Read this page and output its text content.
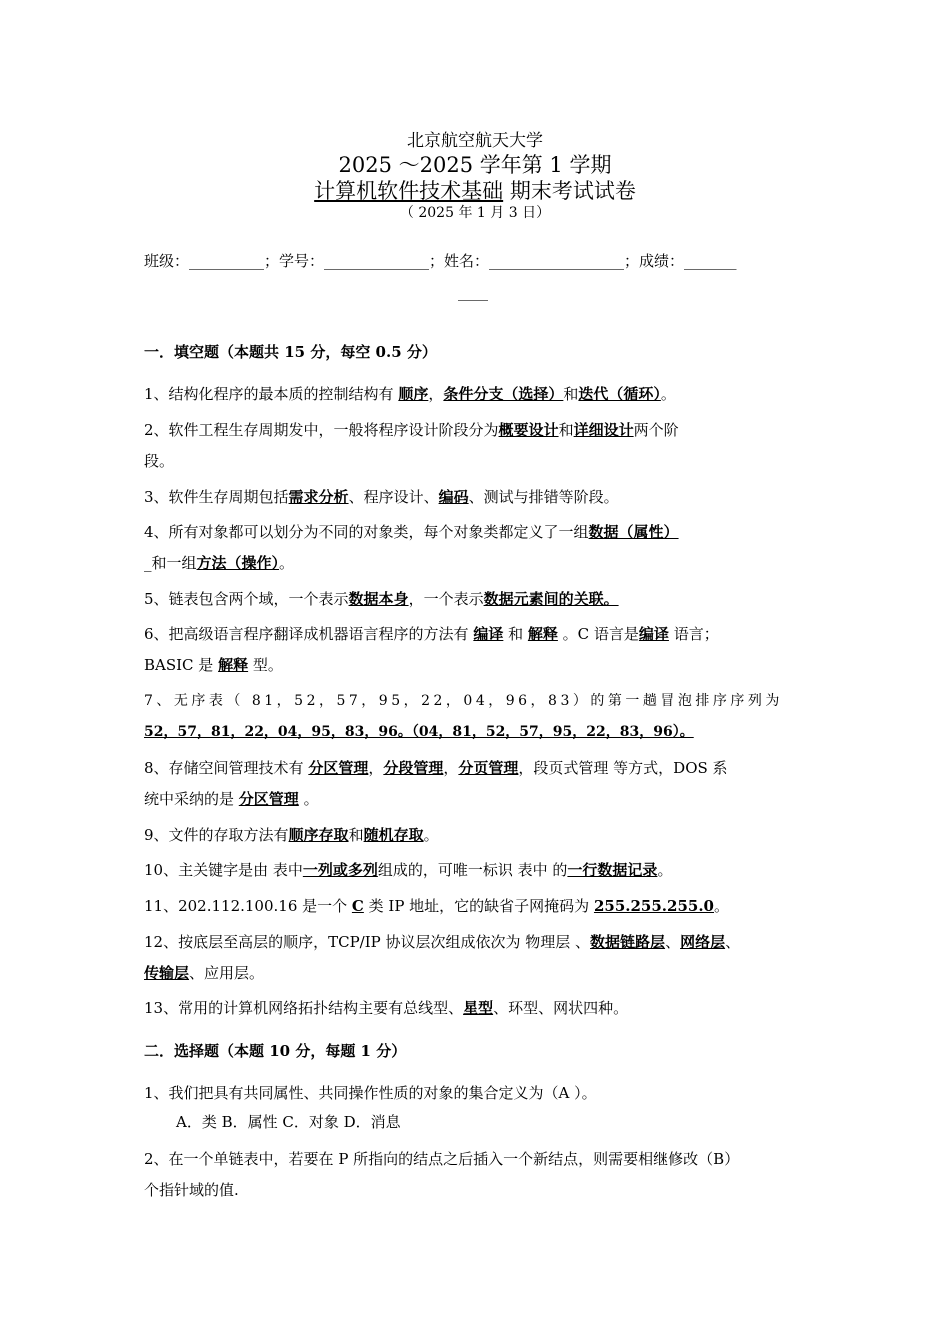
北京航空航天大学
2025 ～2025 学年第 1 学期
计算机软件技术基础 期末考试试卷
（ 2025 年 1 月 3 日）
班级：__________；学号：______________；姓名：__________________；成绩：_______
____
一．填空题（本题共 15 分，每空 0.5 分）
1、结构化程序的最本质的控制结构有 顺序，条件分支（选择）和迭代（循环）。
2、软件工程生存周期发中，一般将程序设计阶段分为概要设计和详细设计两个阶
段。
3、软件生存周期包括需求分析、程序设计、编码、测试与排错等阶段。
4、所有对象都可以划分为不同的对象类，每个对象类都定义了一组数据（属性）
_和一组方法（操作）。
5、链表包含两个域，一个表示数据本身，一个表示数据元素间的关联。
6、把高级语言程序翻译成机器语言程序的方法有 编译 和 解释 。C 语言是编译 语言；
BASIC 是 解释 型。
7、无序表（ 81，52，57，95，22，04，96，83）的第一趟冒泡排序序列为
52，57，81，22，04，95，83，96。（04，81，52，57，95，22，83，96）。
8、存储空间管理技术有 分区管理，分段管理，分页管理，段页式管理 等方式，DOS 系
统中采纳的是 分区管理 。
9、文件的存取方法有顺序存取和随机存取。
10、主关键字是由 表中一列或多列组成的，可唯一标识 表中 的一行数据记录。
11、202.112.100.16 是一个 C 类 IP 地址，它的缺省子网掩码为 255.255.255.0。
12、按底层至高层的顺序，TCP/IP 协议层次组成依次为 物理层 、数据链路层、网络层、
传输层、应用层。
13、常用的计算机网络拓扑结构主要有总线型、星型、环型、网状四种。
二．选择题（本题 10 分，每题 1 分）
1、我们把具有共同属性、共同操作性质的对象的集合定义为（A ）。
A．类 B．属性 C．对象 D．消息
2、在一个单链表中，若要在 P 所指向的结点之后插入一个新结点，则需要相继修改（B）
个指针域的值.
